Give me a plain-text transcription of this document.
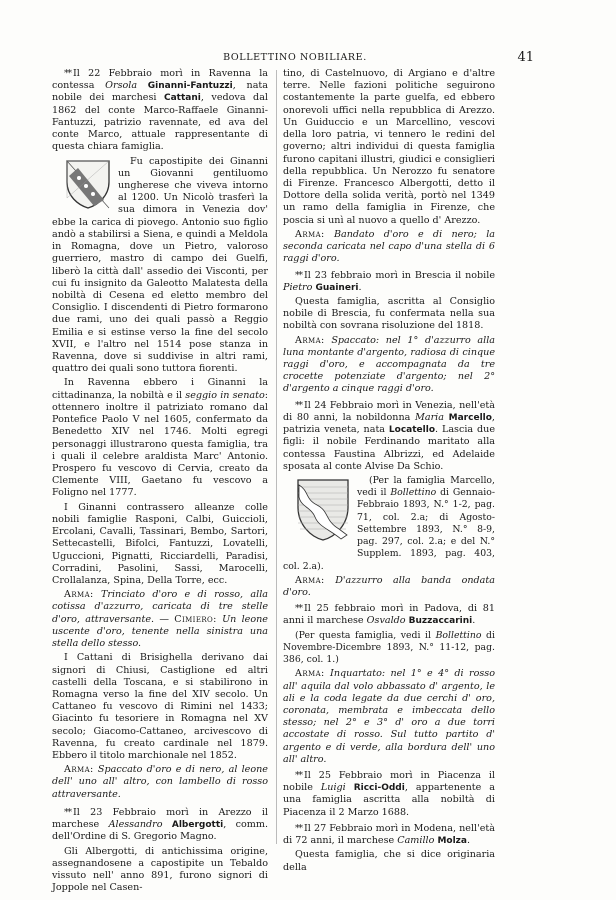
BOLLETTINO NOBILIARE.	41

** Il 22 Febbraio morì in Ravenna la contessa Orsola Ginanni-Fantuzzi, nata nobile dei marchesi Cattani, vedova dal 1862 del conte Marco-Raffaele Ginanni-Fantuzzi, patrizio ravennate, ed ava del conte Marco, attuale rappresentante di questa chiara famiglia.

Fu capostipite dei Ginanni un Giovanni gentiluomo ungherese che viveva intorno al 1200. Un Nicolò trasferì la sua dimora in Venezia dov' ebbe la carica di piovego. Antonio suo figlio andò a stabilirsi a Siena, e quindi a Meldola in Romagna, dove un Pietro, valoroso guerriero, mastro di campo dei Guelfi, liberò la città dall' assedio dei Visconti, per cui fu insignito da Galeotto Malatesta della nobiltà di Cesena ed eletto membro del Consiglio. I discendenti di Pietro formarono due rami, uno dei quali passò a Reggio Emilia e si estinse verso la fine del secolo XVII, e l'altro nel 1514 pose stanza in Ravenna, dove si suddivise in altri rami, quattro dei quali sono tuttora fiorenti.

In Ravenna ebbero i Ginanni la cittadinanza, la nobiltà e il seggio in senato: ottennero inoltre il patriziato romano dal Pontefice Paolo V nel 1605, confermato da Benedetto XIV nel 1746. Molti egregi personaggi illustrarono questa famiglia, tra i quali il celebre araldista Marc' Antonio. Prospero fu vescovo di Cervia, creato da Clemente VIII, Gaetano fu vescovo a Foligno nel 1777.

I Ginanni contrassero alleanze colle nobili famiglie Rasponi, Calbi, Guiccioli, Ercolani, Cavalli, Tassinari, Bembo, Sartori, Settecastelli, Bifolci, Fantuzzi, Lovatelli, Uguccioni, Pignatti, Ricciardelli, Paradisi, Corradini, Pasolini, Sassi, Marocelli, Crollalanza, Spina, Della Torre, ecc.

Arma: Trinciato d'oro e di rosso, alla cotissa d'azzurro, caricata di tre stelle d'oro, attraversante. — Cimiero: Un leone uscente d'oro, tenente nella sinistra una stella dello stesso.

I Cattani di Brisighella derivano dai signori di Chiusi, Castiglione ed altri castelli della Toscana, e si stabilirono in Romagna verso la fine del XIV secolo. Un Cattaneo fu vescovo di Rimini nel 1433; Giacinto fu tesoriere in Romagna nel XV secolo; Giacomo-Cattaneo, arcivescovo di Ravenna, fu creato cardinale nel 1879. Ebbero il titolo marchionale nel 1852.

Arma: Spaccato d'oro e di nero, al leone dell' uno all' altro, con lambello di rosso attraversante.

** Il 23 Febbraio morì in Arezzo il marchese Alessandro Albergotti, comm. dell'Ordine di S. Gregorio Magno.

Gli Albergotti, di antichissima origine, assegnandosene a capostipite un Tebaldo vissuto nell' anno 891, furono signori di Joppole nel Casen-

tino, di Castelnuovo, di Argiano e d'altre terre. Nelle fazioni politiche seguirono costantemente la parte guelfa, ed ebbero onorevoli uffici nella repubblica di Arezzo. Un Guiduccio e un Marcellino, vescovi della loro patria, vi tennero le redini del governo; altri individui di questa famiglia furono capitani illustri, giudici e consiglieri della repubblica. Un Nerozzo fu senatore di Firenze. Francesco Albergotti, detto il Dottore della solida verità, portò nel 1349 un ramo della famiglia in Firenze, che poscia si unì al nuovo a quello d' Arezzo.

Arma: Bandato d'oro e di nero; la seconda caricata nel capo d'una stella di 6 raggi d'oro.

** Il 23 febbraio morì in Brescia il nobile Pietro Guaineri.

Questa famiglia, ascritta al Consiglio nobile di Brescia, fu confermata nella sua nobiltà con sovrana risoluzione del 1818.

Arma: Spaccato: nel 1° d'azzurro alla luna montante d'argento, radiosa di cinque raggi d'oro, e accompagnata da tre crocette potenziate d'argento; nel 2° d'argento a cinque raggi d'oro.

** Il 24 Febbraio morì in Venezia, nell'età di 80 anni, la nobildonna Maria Marcello, patrizia veneta, nata Locatello. Lascia due figli: il nobile Ferdinando maritato alla contessa Faustina Albrizzi, ed Adelaide sposata al conte Alvise Da Schio.

(Per la famiglia Marcello, vedi il Bollettino di Gennaio-Febbraio 1893, N.° 1-2, pag. 71, col. 2.a; di Agosto-Settembre 1893, N.° 8-9, pag. 297, col. 2.a; e del N.° Supplem. 1893, pag. 403, col. 2.a).

Arma: D'azzurro alla banda ondata d'oro.

** Il 25 febbraio morì in Padova, di 81 anni il marchese Osvaldo Buzzaccarini.

(Per questa famiglia, vedi il Bollettino di Novembre-Dicembre 1893, N.° 11-12, pag. 386, col. 1.)

Arma: Inquartato: nel 1° e 4° di rosso all' aquila dal volo abbassato d' argento, le ali e la coda legate da due cerchi d' oro, coronata, membrata e imbeccata dello stesso; nel 2° e 3° d' oro a due torri accostate di rosso. Sul tutto partito d' argento e di verde, alla bordura dell' uno all' altro.

** Il 25 Febbraio morì in Piacenza il nobile Luigi Ricci-Oddi, appartenente a una famiglia ascritta alla nobiltà di Piacenza il 2 Marzo 1688.

** Il 27 Febbraio morì in Modena, nell'età di 72 anni, il marchese Camillo Molza.

Questa famiglia, che si dice originaria della
